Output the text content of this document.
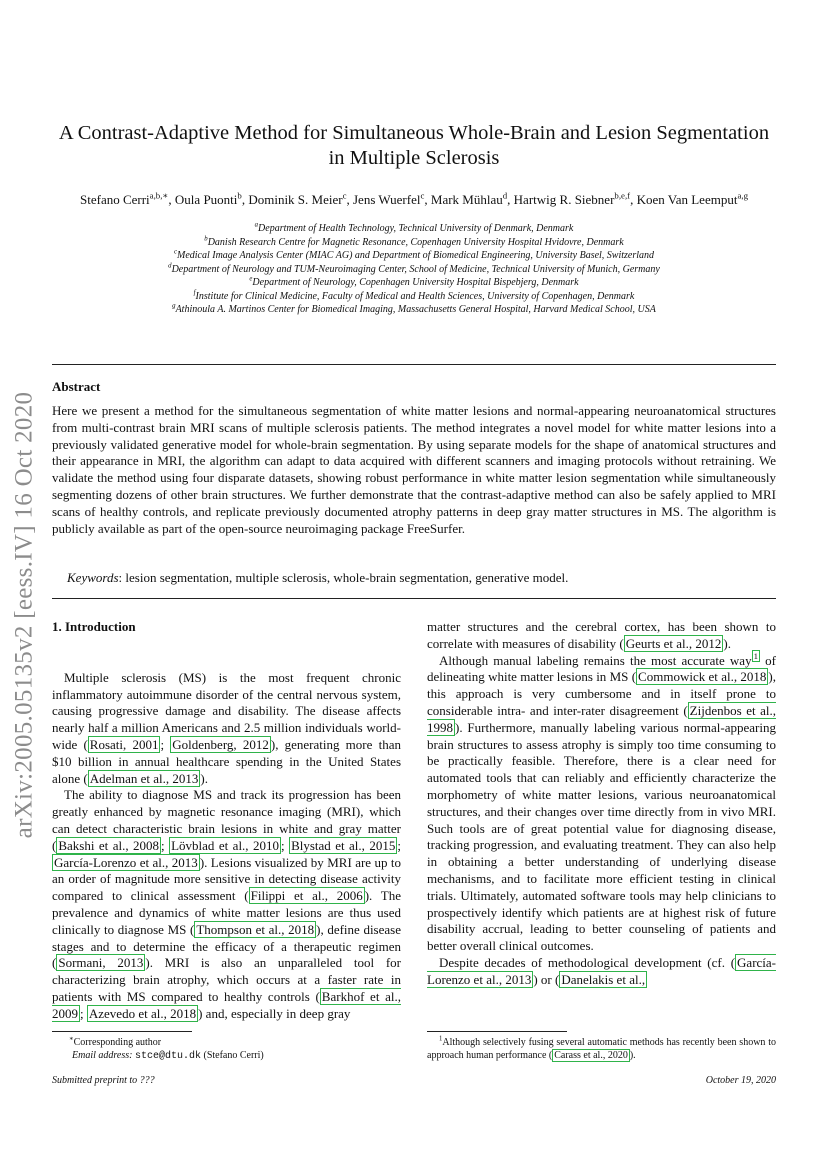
arXiv:2005.05135v2 [eess.IV] 16 Oct 2020
A Contrast-Adaptive Method for Simultaneous Whole-Brain and Lesion Segmentation in Multiple Sclerosis
Stefano Cerri$^{a,b,∗}$, Oula Puonti$^b$, Dominik S. Meier$^c$, Jens Wuerfel$^c$, Mark Mühlau$^d$, Hartwig R. Siebner$^{b,e,f}$, Koen Van Leemput$^{a,g}$
$^a$Department of Health Technology, Technical University of Denmark, Denmark
$^b$Danish Research Centre for Magnetic Resonance, Copenhagen University Hospital Hvidovre, Denmark
$^c$Medical Image Analysis Center (MIAC AG) and Department of Biomedical Engineering, University Basel, Switzerland
$^d$Department of Neurology and TUM-Neuroimaging Center, School of Medicine, Technical University of Munich, Germany
$^e$Department of Neurology, Copenhagen University Hospital Bispebjerg, Denmark
$^f$Institute for Clinical Medicine, Faculty of Medical and Health Sciences, University of Copenhagen, Denmark
$^g$Athinoula A. Martinos Center for Biomedical Imaging, Massachusetts General Hospital, Harvard Medical School, USA
Abstract
Here we present a method for the simultaneous segmentation of white matter lesions and normal-appearing neuroanatomical structures from multi-contrast brain MRI scans of multiple sclerosis patients. The method integrates a novel model for white matter lesions into a previously validated generative model for whole-brain segmentation. By using separate models for the shape of anatomical structures and their appearance in MRI, the algorithm can adapt to data acquired with different scanners and imaging protocols without retraining. We validate the method using four disparate datasets, showing robust performance in white matter lesion segmentation while simultaneously segmenting dozens of other brain structures. We further demonstrate that the contrast-adaptive method can also be safely applied to MRI scans of healthy controls, and replicate previously documented atrophy patterns in deep gray matter structures in MS. The algorithm is publicly available as part of the open-source neuroimaging package FreeSurfer.
Keywords: lesion segmentation, multiple sclerosis, whole-brain segmentation, generative model.
1. Introduction

Multiple sclerosis (MS) is the most frequent chronic inflammatory autoimmune disorder of the central nervous system, causing progressive damage and disability. The disease affects nearly half a million Americans and 2.5 million individuals world-wide ( Rosati, 2001 ; Goldenberg, 2012 ), generating more than $10 billion in annual healthcare spending in the United States alone ( Adelman et al., 2013 ).

The ability to diagnose MS and track its progression has been greatly enhanced by magnetic resonance imaging (MRI), which can detect characteristic brain lesions in white and gray matter ( Bakshi et al., 2008 ; Lövblad et al., 2010 ; Blystad et al., 2015 ; García-Lorenzo et al., 2013 ). Lesions visualized by MRI are up to an order of magnitude more sensitive in detecting disease activity compared to clinical assessment ( Filippi et al., 2006 ). The prevalence and dynamics of white matter lesions are thus used clinically to diagnose MS ( Thompson et al., 2018 ), define disease stages and to determine the efficacy of a therapeutic regimen ( Sormani, 2013 ). MRI is also an unparalleled tool for characterizing brain atrophy, which occurs at a faster rate in patients with MS compared to healthy controls ( Barkhof et al., 2009 ; Azevedo et al., 2018 ) and, especially in deep gray

matter structures and the cerebral cortex, has been shown to correlate with measures of disability ( Geurts et al., 2012 ).

Although manual labeling remains the most accurate way $^1$ of delineating white matter lesions in MS ( Commowick et al., 2018 ), this approach is very cumbersome and in itself prone to considerable intra- and inter-rater disagreement ( Zijdenbos et al., 1998 ). Furthermore, manually labeling various normal-appearing brain structures to assess atrophy is simply too time consuming to be practically feasible. Therefore, there is a clear need for automated tools that can reliably and efficiently characterize the morphometry of white matter lesions, various neuroanatomical structures, and their changes over time directly from in vivo MRI. Such tools are of great potential value for diagnosing disease, tracking progression, and evaluating treatment. They can also help in obtaining a better understanding of underlying disease mechanisms, and to facilitate more efficient testing in clinical trials. Ultimately, automated software tools may help clinicians to prospectively identify which patients are at highest risk of future disability accrual, leading to better counseling of patients and better overall clinical outcomes.

Despite decades of methodological development (cf. ( García-Lorenzo et al., 2013 ) or ( Danelakis et al.,

∗Corresponding author
Email address: stce@dtu.dk (Stefano Cerri)
$^1$Although selectively fusing several automatic methods has recently been shown to approach human performance ( Carass et al., 2020 ).
Submitted preprint to ???	October 19, 2020
